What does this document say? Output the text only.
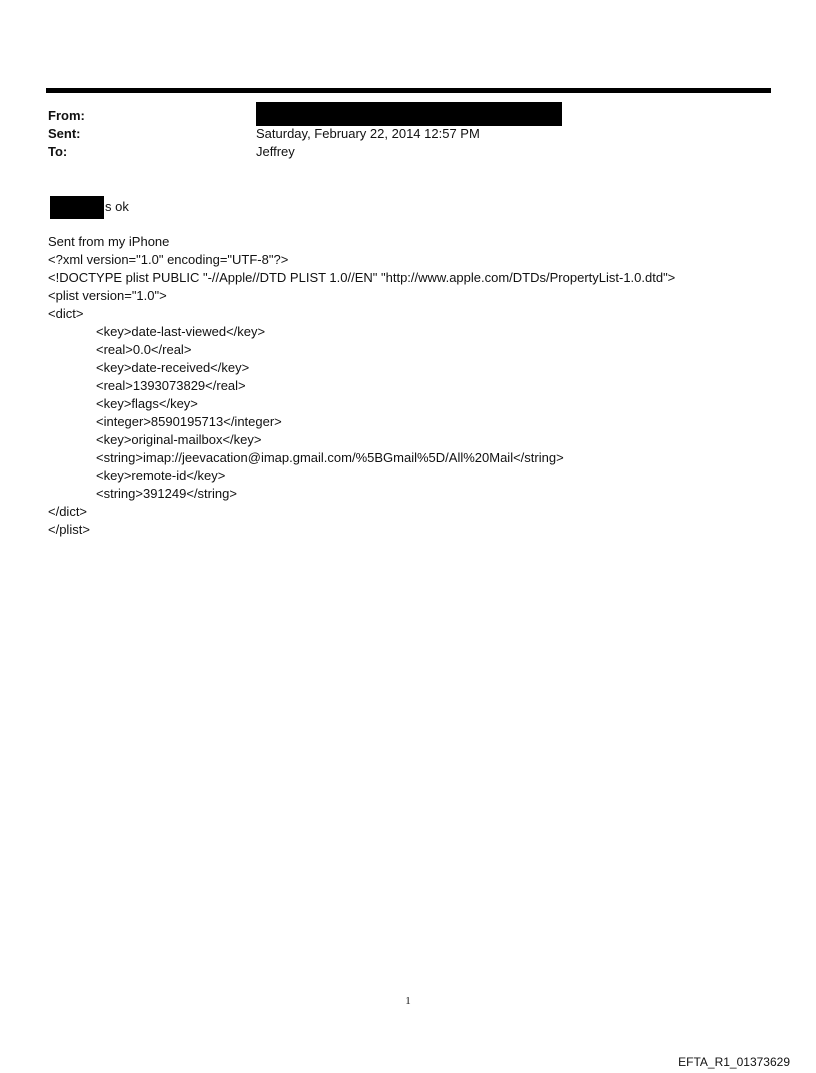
From:
Sent:	Saturday, February 22, 2014 12:57 PM
To:	Jeffrey
s ok
Sent from my iPhone
<?xml version="1.0" encoding="UTF-8"?>
<!DOCTYPE plist PUBLIC "-//Apple//DTD PLIST 1.0//EN" "http://www.apple.com/DTDs/PropertyList-1.0.dtd">
<plist version="1.0">
<dict>
<key>date-last-viewed</key>
<real>0.0</real>
<key>date-received</key>
<real>1393073829</real>
<key>flags</key>
<integer>8590195713</integer>
<key>original-mailbox</key>
<string>imap://jeevacation@imap.gmail.com/%5BGmail%5D/All%20Mail</string>
<key>remote-id</key>
<string>391249</string>
</dict>
</plist>
1
EFTA_R1_01373629
